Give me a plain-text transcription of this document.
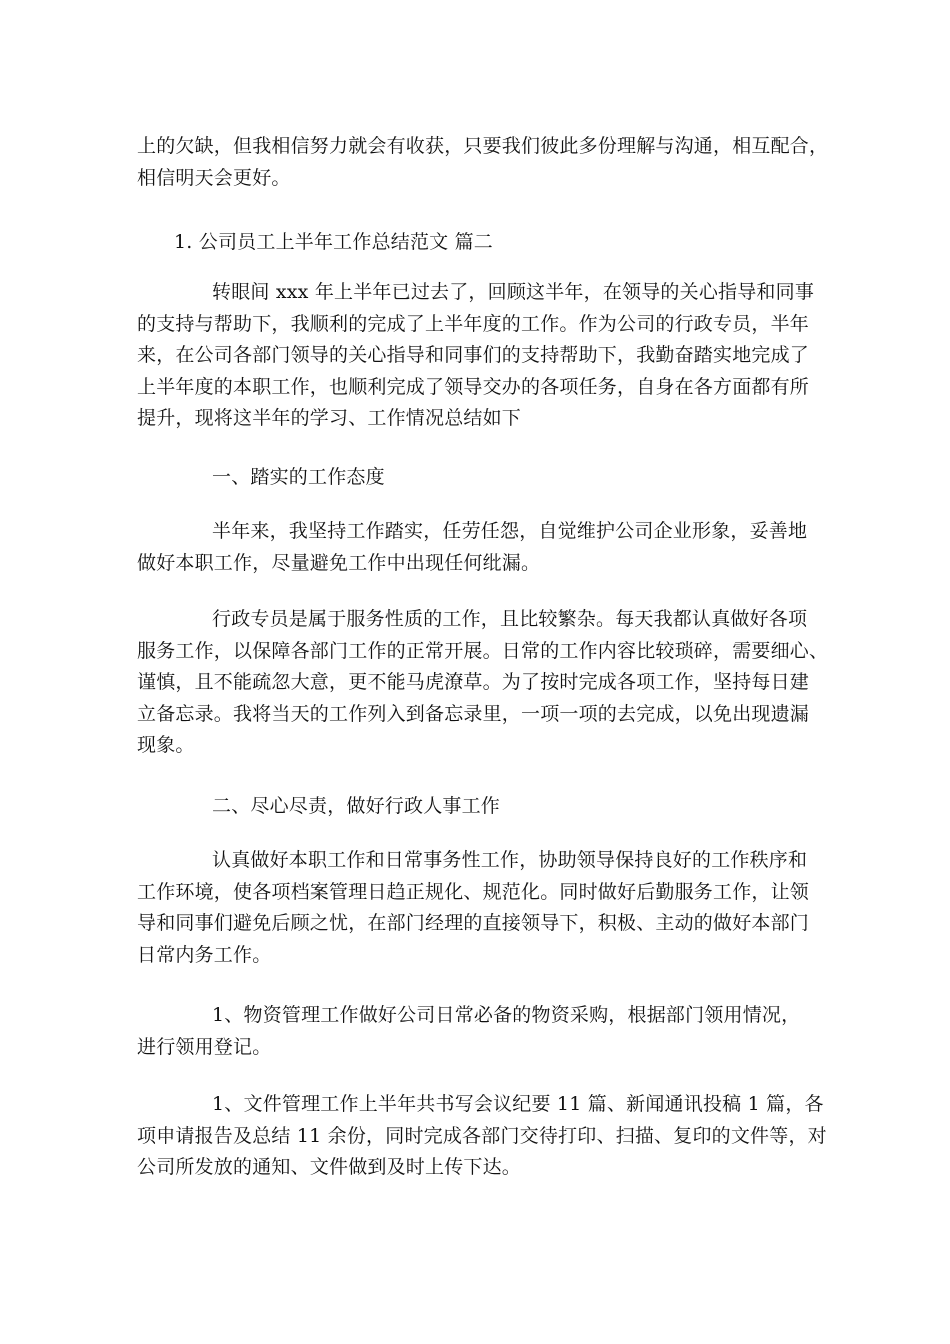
上的欠缺，但我相信努力就会有收获，只要我们彼此多份理解与沟通，相互配合，
相信明天会更好。

1. 公司员工上半年工作总结范文 篇二

转眼间 xxx 年上半年已过去了，回顾这半年，在领导的关心指导和同事
的支持与帮助下，我顺利的完成了上半年度的工作。作为公司的行政专员，半年
来，在公司各部门领导的关心指导和同事们的支持帮助下，我勤奋踏实地完成了
上半年度的本职工作，也顺利完成了领导交办的各项任务，自身在各方面都有所
提升，现将这半年的学习、工作情况总结如下

一、踏实的工作态度

半年来，我坚持工作踏实，任劳任怨，自觉维护公司企业形象，妥善地
做好本职工作，尽量避免工作中出现任何纰漏。

行政专员是属于服务性质的工作，且比较繁杂。每天我都认真做好各项
服务工作，以保障各部门工作的正常开展。日常的工作内容比较琐碎，需要细心、
谨慎，且不能疏忽大意，更不能马虎潦草。为了按时完成各项工作，坚持每日建
立备忘录。我将当天的工作列入到备忘录里，一项一项的去完成，以免出现遗漏
现象。

二、尽心尽责，做好行政人事工作

认真做好本职工作和日常事务性工作，协助领导保持良好的工作秩序和
工作环境，使各项档案管理日趋正规化、规范化。同时做好后勤服务工作，让领
导和同事们避免后顾之忧，在部门经理的直接领导下，积极、主动的做好本部门
日常内务工作。

1、物资管理工作做好公司日常必备的物资采购，根据部门领用情况，
进行领用登记。

1、文件管理工作上半年共书写会议纪要 11 篇、新闻通讯投稿 1 篇，各
项申请报告及总结 11 余份，同时完成各部门交待打印、扫描、复印的文件等，对
公司所发放的通知、文件做到及时上传下达。
